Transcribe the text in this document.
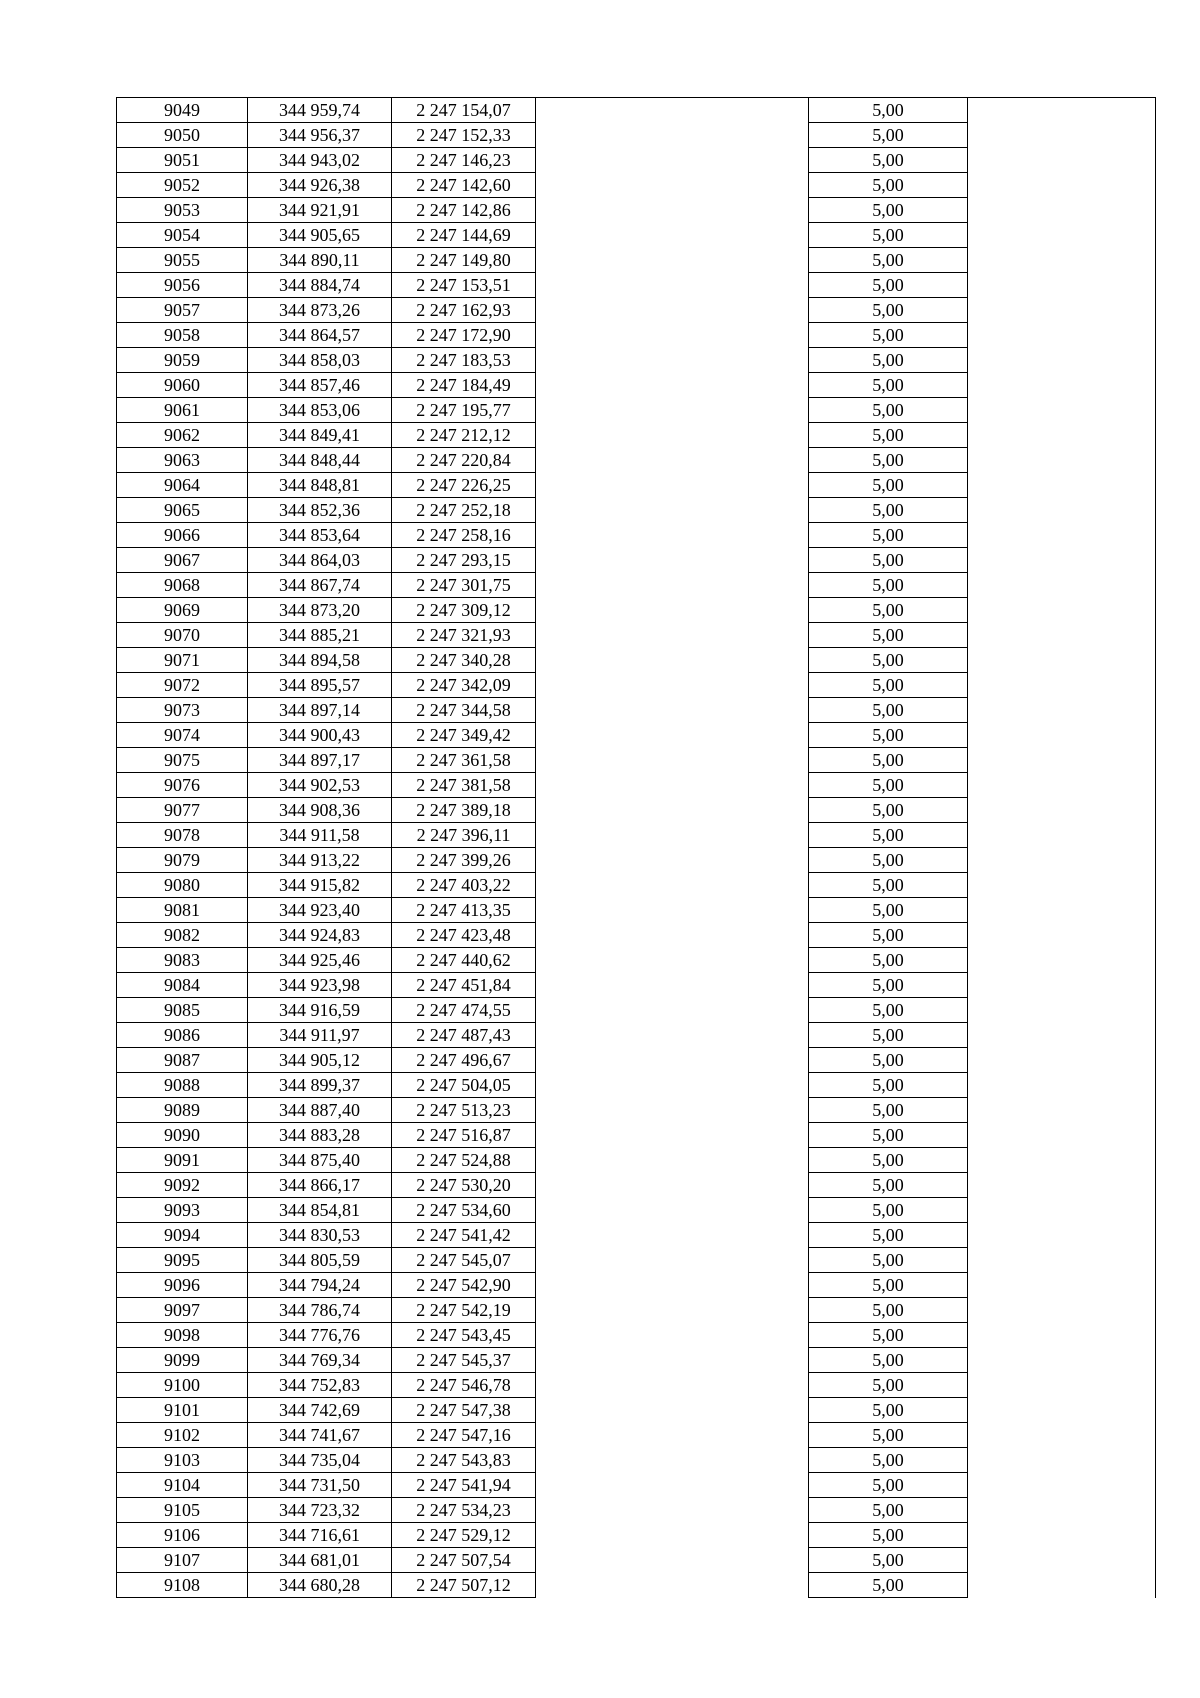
9049	344 959,74	2 247 154,07		5,00	
9050	344 956,37	2 247 152,33		5,00	
9051	344 943,02	2 247 146,23		5,00	
9052	344 926,38	2 247 142,60		5,00	
9053	344 921,91	2 247 142,86		5,00	
9054	344 905,65	2 247 144,69		5,00	
9055	344 890,11	2 247 149,80		5,00	
9056	344 884,74	2 247 153,51		5,00	
9057	344 873,26	2 247 162,93		5,00	
9058	344 864,57	2 247 172,90		5,00	
9059	344 858,03	2 247 183,53		5,00	
9060	344 857,46	2 247 184,49		5,00	
9061	344 853,06	2 247 195,77		5,00	
9062	344 849,41	2 247 212,12		5,00	
9063	344 848,44	2 247 220,84		5,00	
9064	344 848,81	2 247 226,25		5,00	
9065	344 852,36	2 247 252,18		5,00	
9066	344 853,64	2 247 258,16		5,00	
9067	344 864,03	2 247 293,15		5,00	
9068	344 867,74	2 247 301,75		5,00	
9069	344 873,20	2 247 309,12		5,00	
9070	344 885,21	2 247 321,93		5,00	
9071	344 894,58	2 247 340,28		5,00	
9072	344 895,57	2 247 342,09		5,00	
9073	344 897,14	2 247 344,58		5,00	
9074	344 900,43	2 247 349,42		5,00	
9075	344 897,17	2 247 361,58		5,00	
9076	344 902,53	2 247 381,58		5,00	
9077	344 908,36	2 247 389,18		5,00	
9078	344 911,58	2 247 396,11		5,00	
9079	344 913,22	2 247 399,26		5,00	
9080	344 915,82	2 247 403,22		5,00	
9081	344 923,40	2 247 413,35		5,00	
9082	344 924,83	2 247 423,48		5,00	
9083	344 925,46	2 247 440,62		5,00	
9084	344 923,98	2 247 451,84		5,00	
9085	344 916,59	2 247 474,55		5,00	
9086	344 911,97	2 247 487,43		5,00	
9087	344 905,12	2 247 496,67		5,00	
9088	344 899,37	2 247 504,05		5,00	
9089	344 887,40	2 247 513,23		5,00	
9090	344 883,28	2 247 516,87		5,00	
9091	344 875,40	2 247 524,88		5,00	
9092	344 866,17	2 247 530,20		5,00	
9093	344 854,81	2 247 534,60		5,00	
9094	344 830,53	2 247 541,42		5,00	
9095	344 805,59	2 247 545,07		5,00	
9096	344 794,24	2 247 542,90		5,00	
9097	344 786,74	2 247 542,19		5,00	
9098	344 776,76	2 247 543,45		5,00	
9099	344 769,34	2 247 545,37		5,00	
9100	344 752,83	2 247 546,78		5,00	
9101	344 742,69	2 247 547,38		5,00	
9102	344 741,67	2 247 547,16		5,00	
9103	344 735,04	2 247 543,83		5,00	
9104	344 731,50	2 247 541,94		5,00	
9105	344 723,32	2 247 534,23		5,00	
9106	344 716,61	2 247 529,12		5,00	
9107	344 681,01	2 247 507,54		5,00	
9108	344 680,28	2 247 507,12		5,00	
